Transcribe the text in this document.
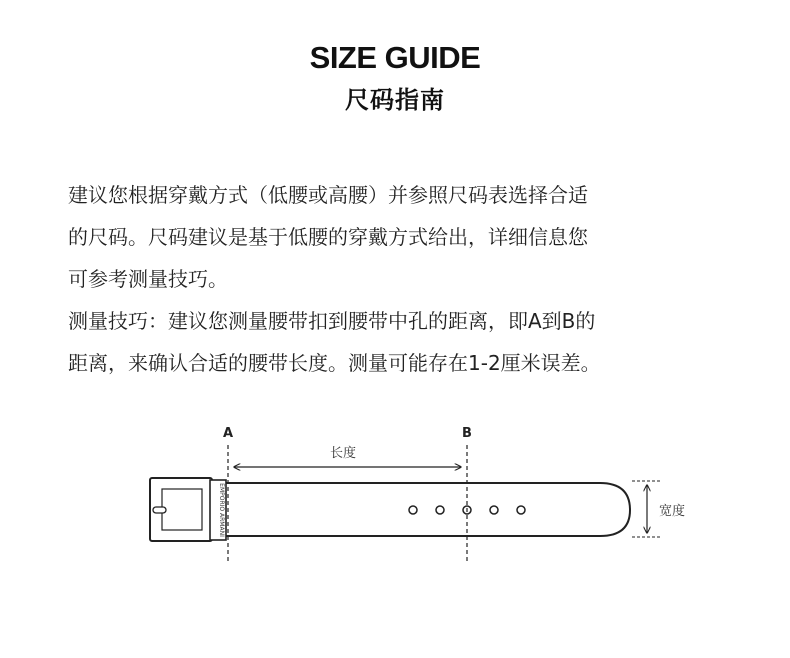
SIZE GUIDE
尺码指南
建议您根据穿戴方式（低腰或高腰）并参照尺码表选择合适
的尺码。尺码建议是基于低腰的穿戴方式给出，详细信息您
可参考测量技巧。
测量技巧：建议您测量腰带扣到腰带中孔的距离，即A到B的
距离，来确认合适的腰带长度。测量可能存在1-2厘米误差。
A	B
长度
EMPORIO ARMANI	宽度
